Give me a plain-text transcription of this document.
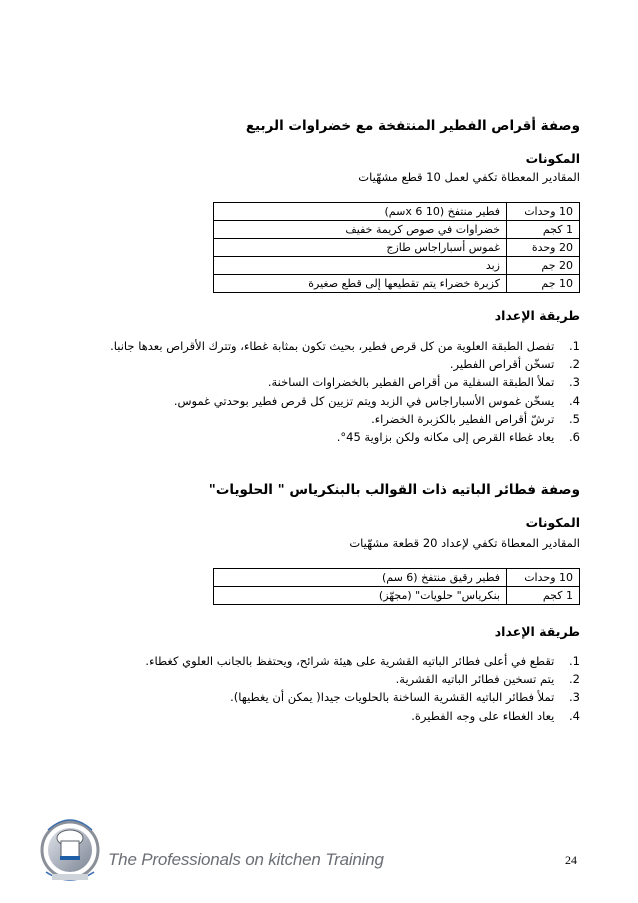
وصفة أقراص الفطير المنتفخة مع خضراوات الربيع
المكونات
المقادير المعطاة تكفي لعمل 10 قطع مشهّيات
10 وحدات	فطير منتفخ (10 x 6سم)
1 كجم	خضراوات في صوص كريمة خفيف
20 وحدة	غموس أسباراجاس طازج
20 جم	زبد
10 جم	كزبرة خضراء يتم تقطيعها إلى قطع صغيرة
طريقة الإعداد
1. تفصل الطبقة العلوية من كل قرص فطير، بحيث تكون بمثابة غطاء، وتترك الأقراص بعدها جانبا.
2. تسخّن أقراص الفطير.
3. تملأ الطبقة السفلية من أقراص الفطير بالخضراوات الساخنة.
4. يسخّن غموس الأسباراجاس في الزبد ويتم تزيين كل قرص فطير بوحدتي غموس.
5. ترشّ أقراص الفطير بالكزبرة الخضراء.
6. يعاد غطاء القرص إلى مكانه ولكن بزاوية 45°.
وصفة فطائر الباتيه ذات القوالب بالبنكرياس " الحلويات"
المكونات
المقادير المعطاة تكفي لإعداد 20 قطعة مشهّيات
10 وحدات	فطير رقيق منتفخ (6 سم)
1 كجم	بنكرياس" حلويات" (مجهّز)
طريقة الإعداد
1. تقطع في أعلى فطائر الباتيه القشرية على هيئة شرائح، ويحتفظ بالجانب العلوي كغطاء.
2. يتم تسخين فطائر الباتيه القشرية.
3. تملأ فطائر الباتيه القشرية الساخنة بالحلويات جيدا( يمكن أن يغطيها).
4. يعاد الغطاء على وجه الفطيرة.
The Professionals on kitchen Training	24
